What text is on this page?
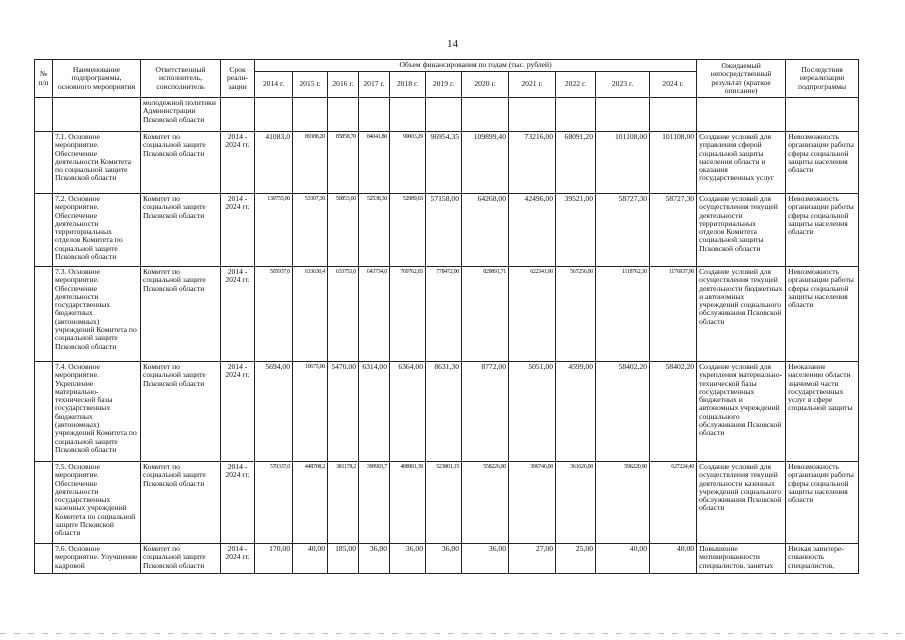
14
№ п/п	Наименование подпрограммы, основного мероприятия	Ответственный исполнитель, соисполнитель	Срок реали-зации	Объем финансирования по годам (тыс. рублей)											Ожидаемый непосредственный результат (краткое описание)	Последствия нереализации подпрограммы
				2014 г.	2015 г.	2016 г.	2017 г.	2018 г.	2019 г.	2020 г.	2021 г.	2022 г.	2023 г.	2024 г.		
		молодежной политики Администрации Псковской области														
	7.1. Основное мероприятие. Обеспечение деятельности Комитета по социальной защите Псковской области	Комитет по социальной защите Псковской области	2014 - 2024 гг.	41083,0	89388,20	85858,70	84041,80	90003,29	96954,35	109899,40	73216,00	68091,20	101108,00	101108,00	Создание условий для управления сферой социальной защиты населения области и оказания государственных услуг	Невозможность организации работы сферы социальной защиты населения области
	7.2. Основное мероприятие. Обеспечение деятельности территориальных отделов Комитета по социальной защите Псковской области	Комитет по социальной защите Псковской области	2014 - 2024 гг.	130755,00	53307,30	50853,60	52538,30	52989,65	57158,00	64268,00	42496,00	39521,00	58727,30	58727,30	Создание условий для осуществления текущей деятельности территориальных отделов Комитета социальной защиты Псковской области	Невозможность организации работы сферы социальной защиты населения области
	7.3. Основное мероприятие. Обеспечение деятельности государственных бюджетных (автономных) учреждений Комитета по социальной защите Псковской области	Комитет по социальной защите Псковской области	2014 - 2024 гг.	505937,0	633630,4	633753,0	643734,0	769762,65	778472,00	829891,71	622341,00	567256,00	1118762,30	1176937,90	Создание условий для осуществления текущей деятельности бюджетных и автономных учреждений социального обслуживания Псковской области	Невозможность организации работы сферы социальной защиты населения области
	7.4. Основное мероприятие. Укрепление материально-технической базы государственных бюджетных (автономных) учреждений Комитета по социальной защите Псковской области	Комитет по социальной защите Псковской области	2014 - 2024 гг.	5694,00	10675,00	5470,00	6314,00	6364,00	8631,30	8772,00	5051,00	4599,00	58402,20	58402,20	Создание условий для укрепления материально-технической базы государственных бюджетных и автономных учреждений социального обслуживания Псковской области	Неоказание населению области значимой части государственных услуг в сфере социальной защиты
	7.5. Основное мероприятие. Обеспечение деятельности государственных казенных учреждений Комитета по социальной защите Псковской области	Комитет по социальной защите Псковской области	2014 - 2024 гг.	570337,0	448708,2	381178,2	399903,7	488981,39	523801,15	558226,00	396746,00	361626,00	596220,90	627224,40	Создание условий для осуществления текущей деятельности казенных учреждений социального обслуживания Псковской области	Невозможность организации работы сферы социальной защиты населения области
	7.6. Основное мероприятие. Улучшение кадровой	Комитет по социальной защите Псковской области	2014 - 2024 гг.	170,00	40,00	185,00	36,00	36,00	36,00	36,00	27,00	25,00	40,00	40,00	Повышение мотивированности специалистов, занятых	Низкая заинтере-сованность специалистов,
